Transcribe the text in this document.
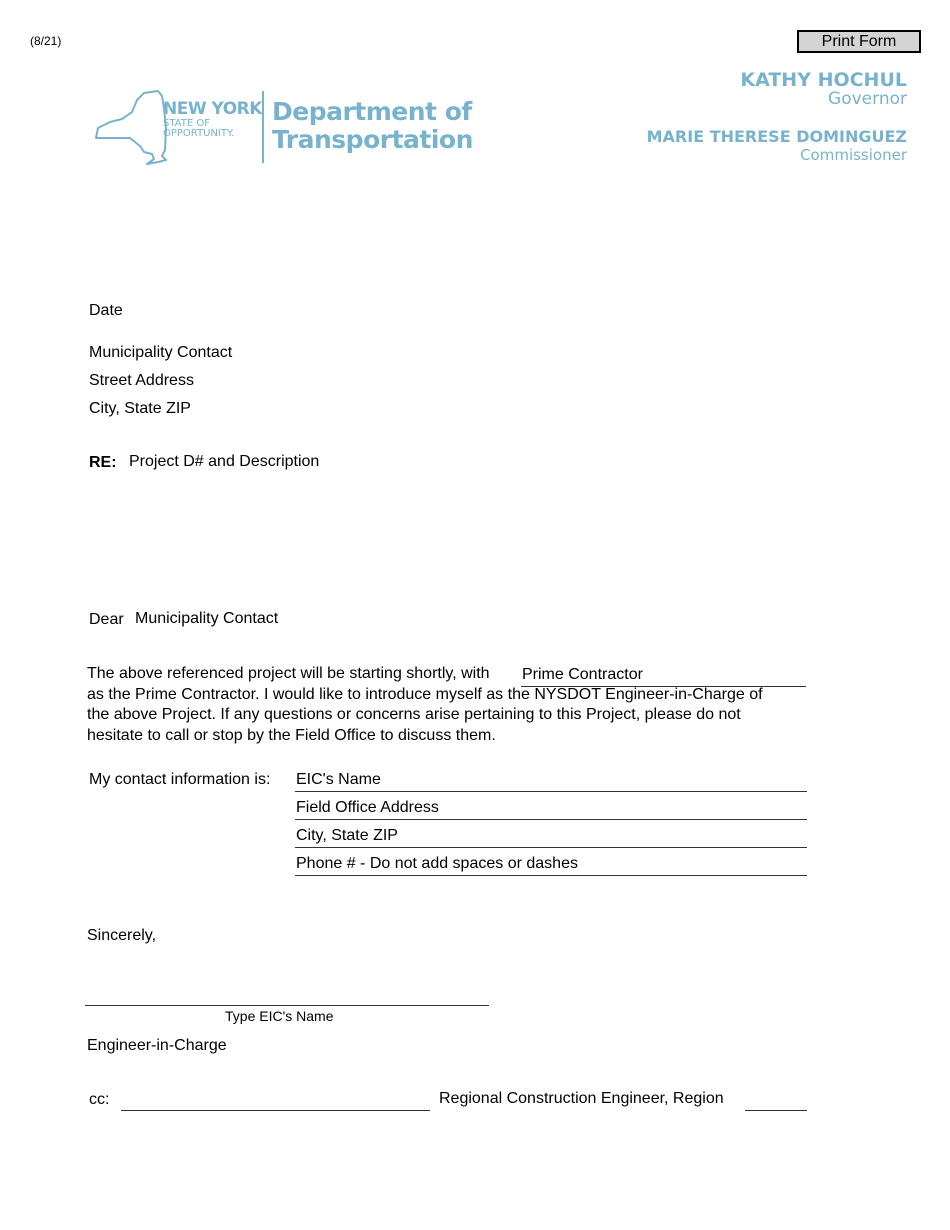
(8/21)	Print Form
NEW YORK
STATE OF
OPPORTUNITY.
Department of
Transportation
KATHY HOCHUL
Governor
MARIE THERESE DOMINGUEZ
Commissioner
Date
Municipality Contact
Street Address
City, State ZIP
RE: Project D# and Description
Dear Municipality Contact
The above referenced project will be starting shortly, with Prime Contractor
as the Prime Contractor. I would like to introduce myself as the NYSDOT Engineer-in-Charge of
the above Project. If any questions or concerns arise pertaining to this Project, please do not
hesitate to call or stop by the Field Office to discuss them.
My contact information is: EIC's Name
Field Office Address
City, State ZIP
Phone # - Do not add spaces or dashes
Sincerely,
Type EIC's Name
Engineer-in-Charge
cc:	Regional Construction Engineer, Region
